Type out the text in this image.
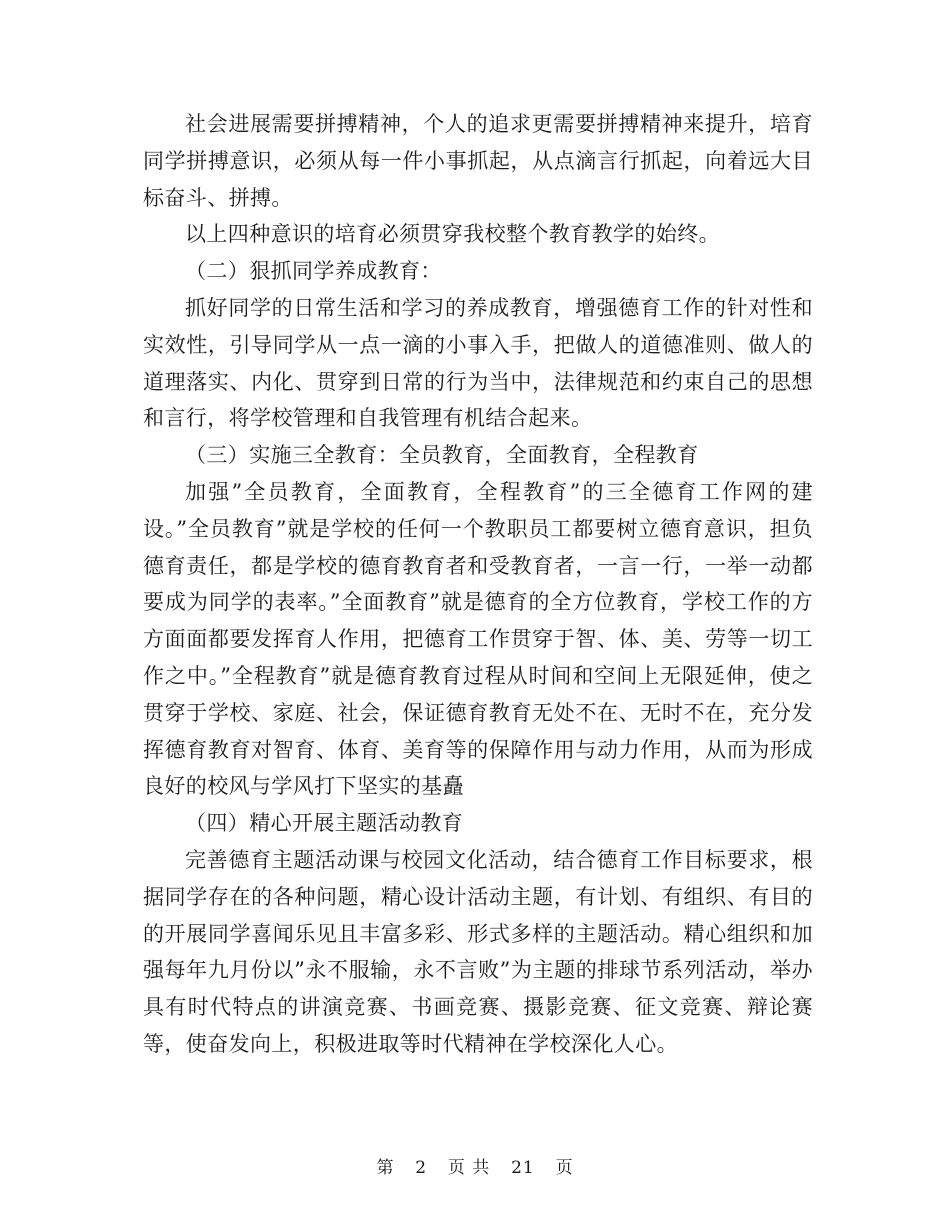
社会进展需要拼搏精神，个人的追求更需要拼搏精神来提升，培育同学拼搏意识，必须从每一件小事抓起，从点滴言行抓起，向着远大目标奋斗、拼搏。

以上四种意识的培育必须贯穿我校整个教育教学的始终。

（二）狠抓同学养成教育：

抓好同学的日常生活和学习的养成教育，增强德育工作的针对性和实效性，引导同学从一点一滴的小事入手，把做人的道德准则、做人的道理落实、内化、贯穿到日常的行为当中，法律规范和约束自己的思想和言行，将学校管理和自我管理有机结合起来。

（三）实施三全教育：全员教育，全面教育，全程教育

加强”全员教育，全面教育，全程教育”的三全德育工作网的建设。”全员教育”就是学校的任何一个教职员工都要树立德育意识，担负德育责任，都是学校的德育教育者和受教育者，一言一行，一举一动都要成为同学的表率。”全面教育”就是德育的全方位教育，学校工作的方方面面都要发挥育人作用，把德育工作贯穿于智、体、美、劳等一切工作之中。”全程教育”就是德育教育过程从时间和空间上无限延伸，使之贯穿于学校、家庭、社会，保证德育教育无处不在、无时不在，充分发挥德育教育对智育、体育、美育等的保障作用与动力作用，从而为形成良好的校风与学风打下坚实的基矗

（四）精心开展主题活动教育

完善德育主题活动课与校园文化活动，结合德育工作目标要求，根据同学存在的各种问题，精心设计活动主题，有计划、有组织、有目的的开展同学喜闻乐见且丰富多彩、形式多样的主题活动。精心组织和加强每年九月份以”永不服输，永不言败”为主题的排球节系列活动，举办具有时代特点的讲演竞赛、书画竞赛、摄影竞赛、征文竞赛、辩论赛等，使奋发向上，积极进取等时代精神在学校深化人心。

第 2 页 共 21 页
